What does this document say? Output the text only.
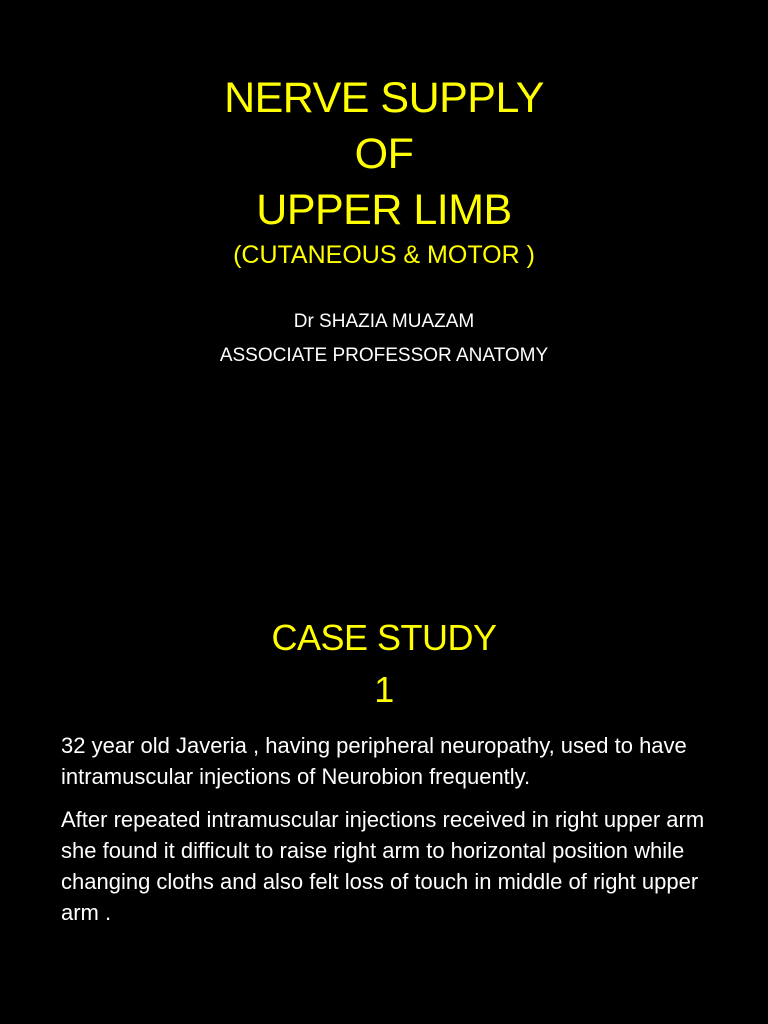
NERVE SUPPLY
OF
UPPER LIMB
(CUTANEOUS & MOTOR )
Dr SHAZIA MUAZAM
ASSOCIATE PROFESSOR ANATOMY
CASE STUDY
1

32 year old Javeria , having peripheral neuropathy, used to have intramuscular injections of Neurobion frequently.

After repeated intramuscular injections received in right upper arm she found it difficult to raise right arm to horizontal position while changing cloths and also felt loss of touch in middle of right upper arm .
